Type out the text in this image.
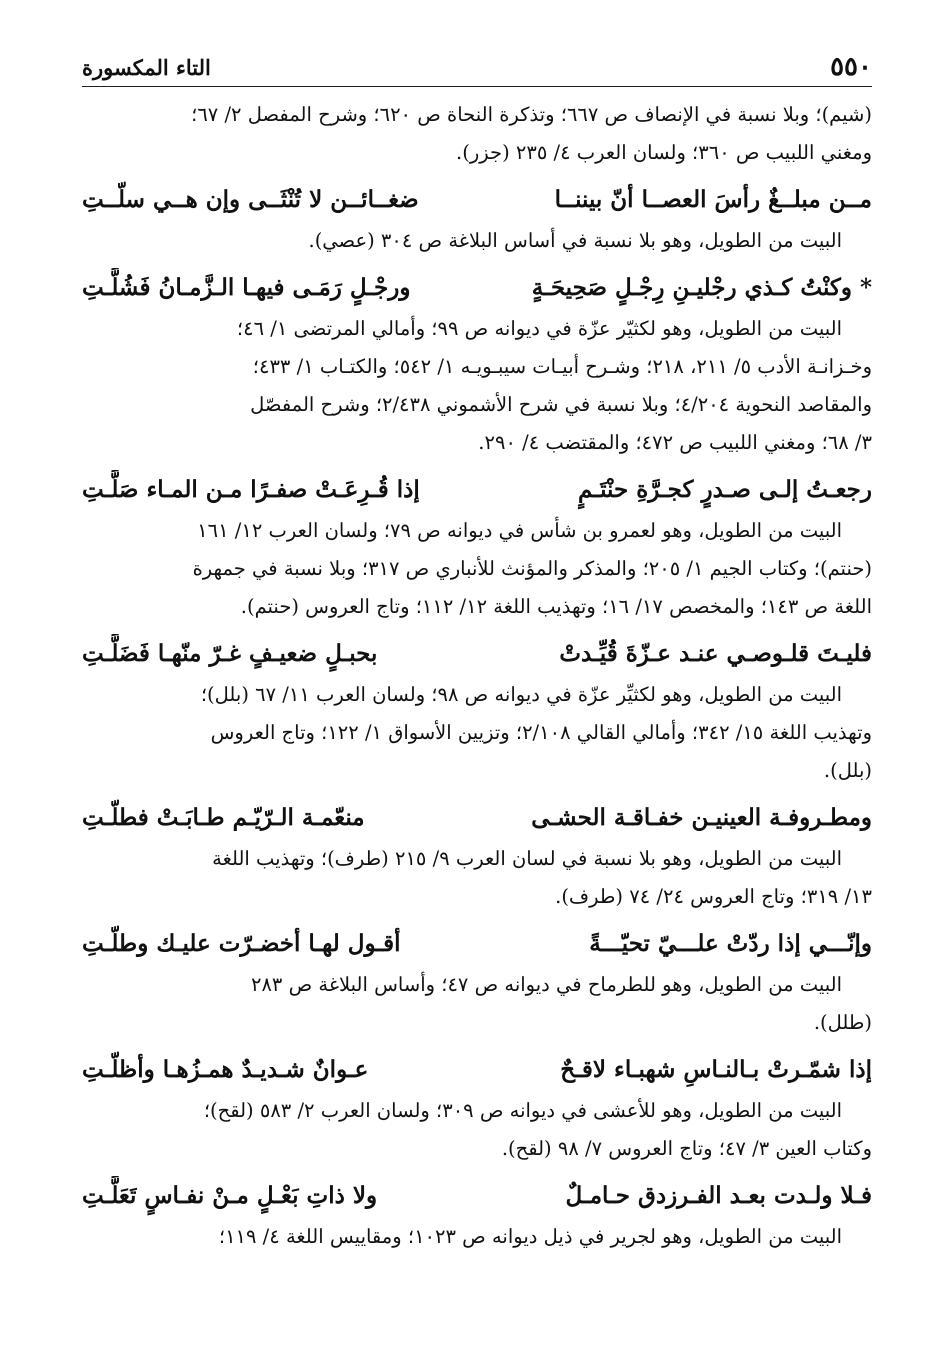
٥٥٠
التاء المكسورة
(شيم)؛ وبلا نسبة في الإنصاف ص ٦٦٧؛ وتذكرة النحاة ص ٦٢٠؛ وشرح المفصل ٢/ ٦٧؛
ومغني اللبيب ص ٣٦٠؛ ولسان العرب ٤/ ٢٣٥ (جزر).
مــن مبلــغٌ رأسَ العصــا أنّ بيننــا
ضغــائــن لا تُنْثَــى وإن هــي سلّــتِ
البيت من الطويل، وهو بلا نسبة في أساس البلاغة ص ٣٠٤ (عصي).
* وكنْتُ كـذي رجْليـنِ رِجْـلٍ صَحِيحَـةٍ
ورجْـلٍ رَمَـى فيهـا الـزَّمـانُ فَشُلَّـتِ
البيت من الطويل، وهو لكثيّر عزّة في ديوانه ص ٩٩؛ وأمالي المرتضى ١/ ٤٦؛
وخـزانـة الأدب ٥/ ٢١١، ٢١٨؛ وشـرح أبيـات سيبـويـه ١/ ٥٤٢؛ والكتـاب ١/ ٤٣٣؛
والمقاصد النحوية ٤/٢٠٤؛ وبلا نسبة في شرح الأشموني ٢/٤٣٨؛ وشرح المفصّل
٣/ ٦٨؛ ومغني اللبيب ص ٤٧٢؛ والمقتضب ٤/ ٢٩٠.
رجعـتُ إلـى صـدرٍ كجـرَّةِ حنْتَـمٍ
إذا قُـرِعَـتْ صفـرًا مـن المـاء صَلَّـتِ
البيت من الطويل، وهو لعمرو بن شأس في ديوانه ص ٧٩؛ ولسان العرب ١٢/ ١٦١
(حنتم)؛ وكتاب الجيم ١/ ٢٠٥؛ والمذكر والمؤنث للأنباري ص ٣١٧؛ وبلا نسبة في جمهرة
اللغة ص ١٤٣؛ والمخصص ١٧/ ١٦؛ وتهذيب اللغة ١٢/ ١١٢؛ وتاج العروس (حنتم).
فليـتَ قلـوصـي عنـد عـزّةَ قُيِّـدتْ
بحبـلٍ ضعيـفٍ غـرّ منّهـا فَضَلَّـتِ
البيت من الطويل، وهو لكثيِّر عزّة في ديوانه ص ٩٨؛ ولسان العرب ١١/ ٦٧ (بلل)؛
وتهذيب اللغة ١٥/ ٣٤٢؛ وأمالي القالي ٢/١٠٨؛ وتزيين الأسواق ١/ ١٢٢؛ وتاج العروس
(بلل).
ومطـروفـة العينيـن خفـاقـة الحشـى
منعّمـة الـرّيّـم طـابَـتْ فطلّـتِ
البيت من الطويل، وهو بلا نسبة في لسان العرب ٩/ ٢١٥ (طرف)؛ وتهذيب اللغة
١٣/ ٣١٩؛ وتاج العروس ٢٤/ ٧٤ (طرف).
وإنّـــي إذا ردّتْ علـــيّ تحيّـــةً
أقـول لهـا أخضـرّت عليـك وطلّـتِ
البيت من الطويل، وهو للطرماح في ديوانه ص ٤٧؛ وأساس البلاغة ص ٢٨٣
(طلل).
إذا شمّـرتْ بـالنـاسِ شهبـاء لاقـحٌ
عـوانٌ شـديـدٌ همـزُهـا وأظلّـتِ
البيت من الطويل، وهو للأعشى في ديوانه ص ٣٠٩؛ ولسان العرب ٢/ ٥٨٣ (لقح)؛
وكتاب العين ٣/ ٤٧؛ وتاج العروس ٧/ ٩٨ (لقح).
فـلا ولـدت بعـد الفـرزدق حـامـلٌ
ولا ذاتِ بَعْـلٍ مـنْ نفـاسٍ تَعَلَّـتِ
البيت من الطويل، وهو لجرير في ذيل ديوانه ص ١٠٢٣؛ ومقاييس اللغة ٤/ ١١٩؛
